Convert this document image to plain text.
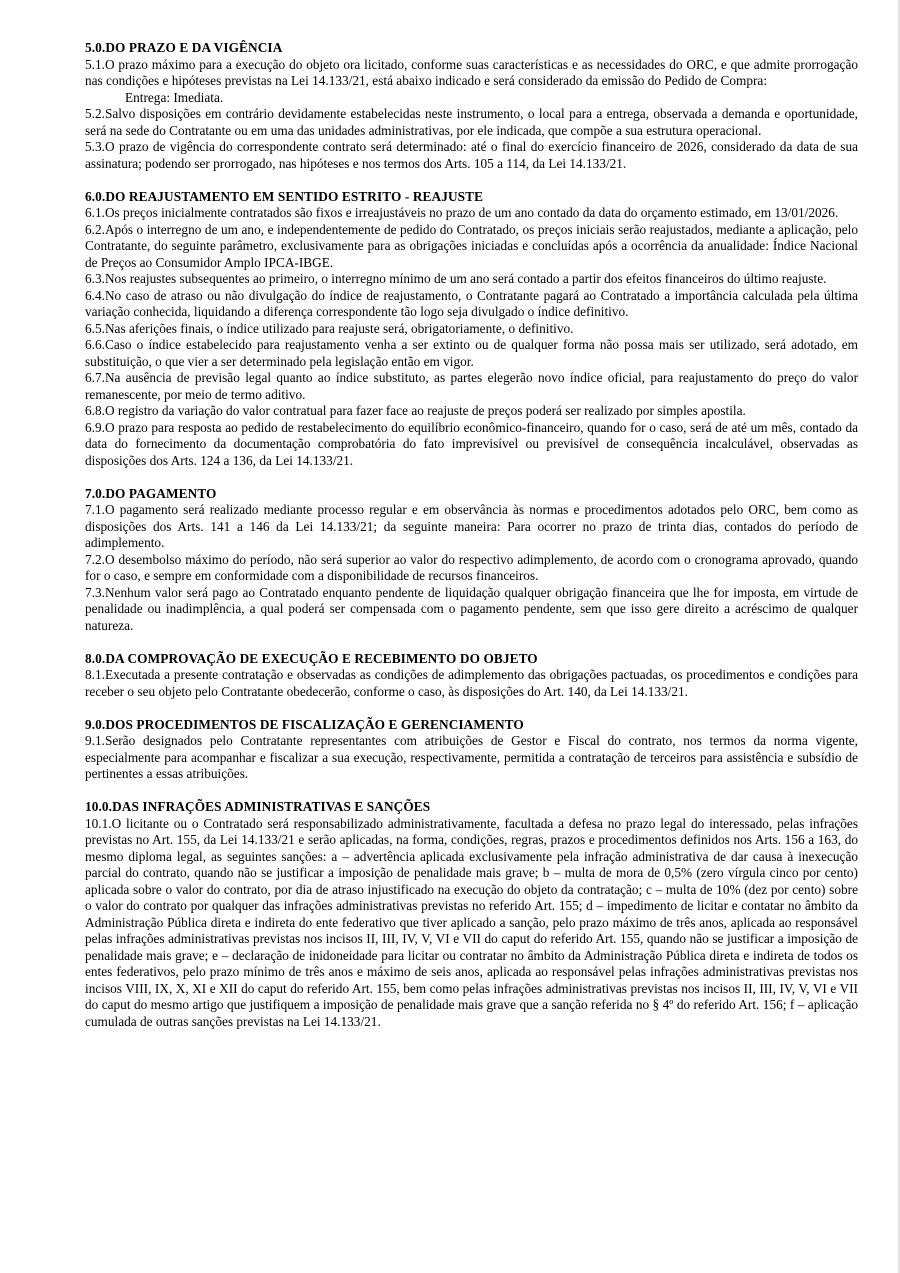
5.0.DO PRAZO E DA VIGÊNCIA

5.1.O prazo máximo para a execução do objeto ora licitado, conforme suas características e as necessidades do ORC, e que admite prorrogação nas condições e hipóteses previstas na Lei 14.133/21, está abaixo indicado e será considerado da emissão do Pedido de Compra:

Entrega: Imediata.

5.2.Salvo disposições em contrário devidamente estabelecidas neste instrumento, o local para a entrega, observada a demanda e oportunidade, será na sede do Contratante ou em uma das unidades administrativas, por ele indicada, que compõe a sua estrutura operacional.

5.3.O prazo de vigência do correspondente contrato será determinado: até o final do exercício financeiro de 2026, considerado da data de sua assinatura; podendo ser prorrogado, nas hipóteses e nos termos dos Arts. 105 a 114, da Lei 14.133/21.

6.0.DO REAJUSTAMENTO EM SENTIDO ESTRITO - REAJUSTE

6.1.Os preços inicialmente contratados são fixos e irreajustáveis no prazo de um ano contado da data do orçamento estimado, em 13/01/2026.

6.2.Após o interregno de um ano, e independentemente de pedido do Contratado, os preços iniciais serão reajustados, mediante a aplicação, pelo Contratante, do seguinte parâmetro, exclusivamente para as obrigações iniciadas e concluídas após a ocorrência da anualidade: Índice Nacional de Preços ao Consumidor Amplo IPCA-IBGE.

6.3.Nos reajustes subsequentes ao primeiro, o interregno mínimo de um ano será contado a partir dos efeitos financeiros do último reajuste.

6.4.No caso de atraso ou não divulgação do índice de reajustamento, o Contratante pagará ao Contratado a importância calculada pela última variação conhecida, liquidando a diferença correspondente tão logo seja divulgado o índice definitivo.

6.5.Nas aferições finais, o índice utilizado para reajuste será, obrigatoriamente, o definitivo.

6.6.Caso o índice estabelecido para reajustamento venha a ser extinto ou de qualquer forma não possa mais ser utilizado, será adotado, em substituição, o que vier a ser determinado pela legislação então em vigor.

6.7.Na ausência de previsão legal quanto ao índice substituto, as partes elegerão novo índice oficial, para reajustamento do preço do valor remanescente, por meio de termo aditivo.

6.8.O registro da variação do valor contratual para fazer face ao reajuste de preços poderá ser realizado por simples apostila.

6.9.O prazo para resposta ao pedido de restabelecimento do equilíbrio econômico-financeiro, quando for o caso, será de até um mês, contado da data do fornecimento da documentação comprobatória do fato imprevisível ou previsível de consequência incalculável, observadas as disposições dos Arts. 124 a 136, da Lei 14.133/21.

7.0.DO PAGAMENTO

7.1.O pagamento será realizado mediante processo regular e em observância às normas e procedimentos adotados pelo ORC, bem como as disposições dos Arts. 141 a 146 da Lei 14.133/21; da seguinte maneira: Para ocorrer no prazo de trinta dias, contados do período de adimplemento.

7.2.O desembolso máximo do período, não será superior ao valor do respectivo adimplemento, de acordo com o cronograma aprovado, quando for o caso, e sempre em conformidade com a disponibilidade de recursos financeiros.

7.3.Nenhum valor será pago ao Contratado enquanto pendente de liquidação qualquer obrigação financeira que lhe for imposta, em virtude de penalidade ou inadimplência, a qual poderá ser compensada com o pagamento pendente, sem que isso gere direito a acréscimo de qualquer natureza.

8.0.DA COMPROVAÇÃO DE EXECUÇÃO E RECEBIMENTO DO OBJETO

8.1.Executada a presente contratação e observadas as condições de adimplemento das obrigações pactuadas, os procedimentos e condições para receber o seu objeto pelo Contratante obedecerão, conforme o caso, às disposições do Art. 140, da Lei 14.133/21.

9.0.DOS PROCEDIMENTOS DE FISCALIZAÇÃO E GERENCIAMENTO

9.1.Serão designados pelo Contratante representantes com atribuições de Gestor e Fiscal do contrato, nos termos da norma vigente, especialmente para acompanhar e fiscalizar a sua execução, respectivamente, permitida a contratação de terceiros para assistência e subsídio de pertinentes a essas atribuições.

10.0.DAS INFRAÇÕES ADMINISTRATIVAS E SANÇÕES

10.1.O licitante ou o Contratado será responsabilizado administrativamente, facultada a defesa no prazo legal do interessado, pelas infrações previstas no Art. 155, da Lei 14.133/21 e serão aplicadas, na forma, condições, regras, prazos e procedimentos definidos nos Arts. 156 a 163, do mesmo diploma legal, as seguintes sanções: a – advertência aplicada exclusivamente pela infração administrativa de dar causa à inexecução parcial do contrato, quando não se justificar a imposição de penalidade mais grave; b – multa de mora de 0,5% (zero vírgula cinco por cento) aplicada sobre o valor do contrato, por dia de atraso injustificado na execução do objeto da contratação; c – multa de 10% (dez por cento) sobre o valor do contrato por qualquer das infrações administrativas previstas no referido Art. 155; d – impedimento de licitar e contatar no âmbito da Administração Pública direta e indireta do ente federativo que tiver aplicado a sanção, pelo prazo máximo de três anos, aplicada ao responsável pelas infrações administrativas previstas nos incisos II, III, IV, V, VI e VII do caput do referido Art. 155, quando não se justificar a imposição de penalidade mais grave; e – declaração de inidoneidade para licitar ou contratar no âmbito da Administração Pública direta e indireta de todos os entes federativos, pelo prazo mínimo de três anos e máximo de seis anos, aplicada ao responsável pelas infrações administrativas previstas nos incisos VIII, IX, X, XI e XII do caput do referido Art. 155, bem como pelas infrações administrativas previstas nos incisos II, III, IV, V, VI e VII do caput do mesmo artigo que justifiquem a imposição de penalidade mais grave que a sanção referida no § 4º do referido Art. 156; f – aplicação cumulada de outras sanções previstas na Lei 14.133/21.
